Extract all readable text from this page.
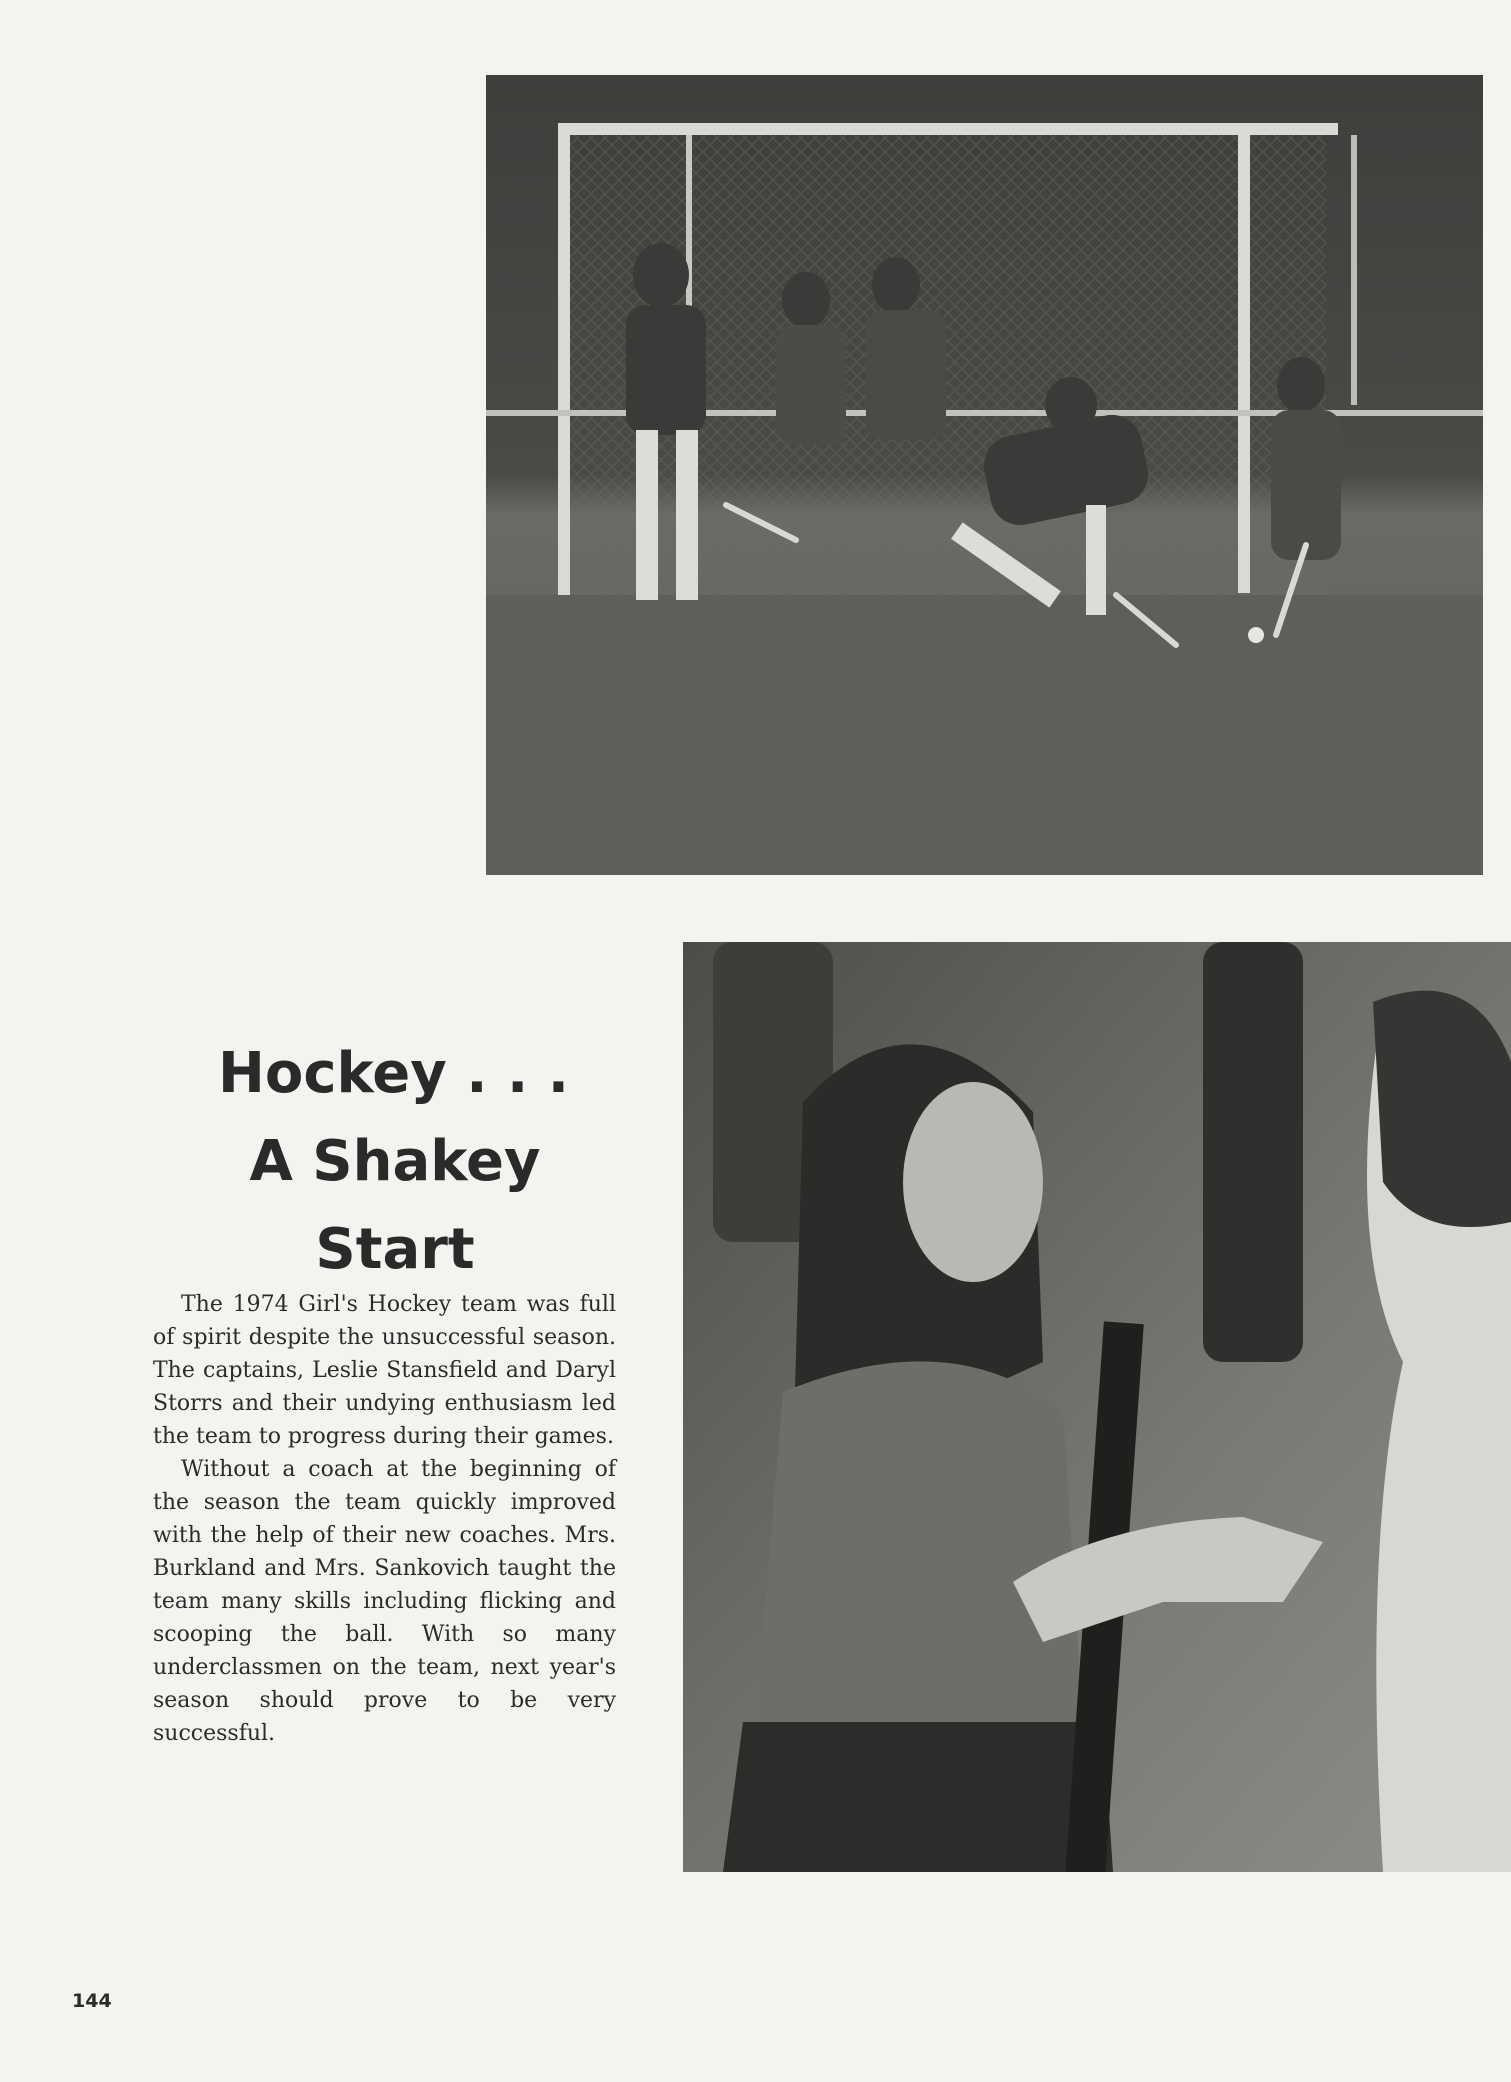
Hockey . . .
A Shakey
Start

The 1974 Girl's Hockey team was full of spirit despite the unsuccessful season. The captains, Leslie Stansfield and Daryl Storrs and their undying enthusiasm led the team to progress during their games.

Without a coach at the beginning of the season the team quickly improved with the help of their new coaches. Mrs. Burkland and Mrs. Sankovich taught the team many skills including flicking and scooping the ball. With so many underclassmen on the team, next year's season should prove to be very successful.

144
